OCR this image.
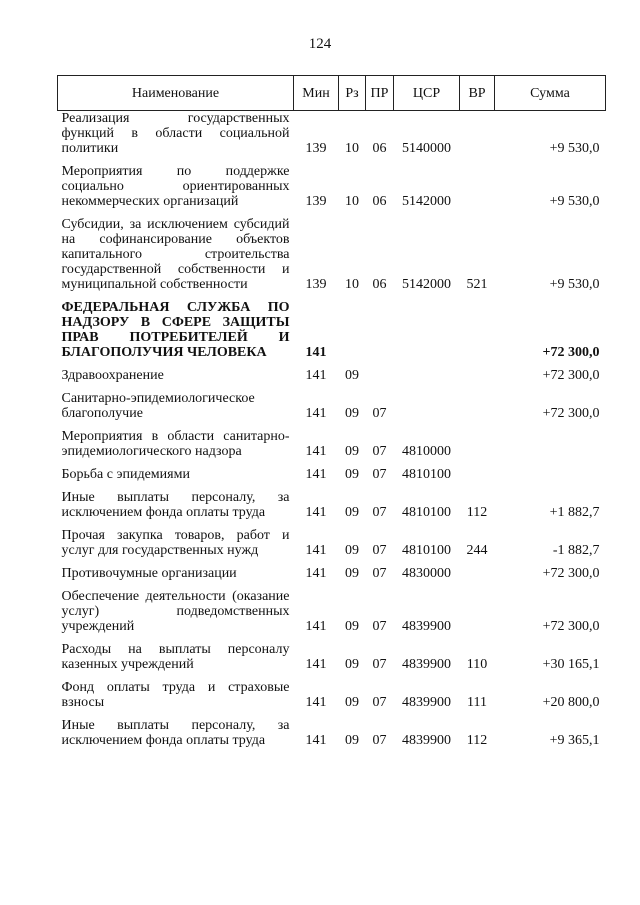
124
Наименование	Мин	Рз	ПР	ЦСР	ВР	Сумма
Реализация государственных функций в области социальной политики	139	10	06	5140000		+9 530,0
Мероприятия по поддержке социально ориентированных некоммерческих организаций	139	10	06	5142000		+9 530,0
Субсидии, за исключением субсидий на софинансирование объектов капитального строительства государственной собственности и муниципальной собственности	139	10	06	5142000	521	+9 530,0
ФЕДЕРАЛЬНАЯ СЛУЖБА ПО НАДЗОРУ В СФЕРЕ ЗАЩИТЫ ПРАВ ПОТРЕБИТЕЛЕЙ И БЛАГОПОЛУЧИЯ ЧЕЛОВЕКА	141					+72 300,0
Здравоохранение	141	09				+72 300,0
Санитарно-эпидемиологическое благополучие	141	09	07			+72 300,0
Мероприятия в области санитарно-эпидемиологического надзора	141	09	07	4810000		
Борьба с эпидемиями	141	09	07	4810100		
Иные выплаты персоналу, за исключением фонда оплаты труда	141	09	07	4810100	112	+1 882,7
Прочая закупка товаров, работ и услуг для государственных нужд	141	09	07	4810100	244	-1 882,7
Противочумные организации	141	09	07	4830000		+72 300,0
Обеспечение деятельности (оказание услуг) подведомственных учреждений	141	09	07	4839900		+72 300,0
Расходы на выплаты персоналу казенных учреждений	141	09	07	4839900	110	+30 165,1
Фонд оплаты труда и страховые взносы	141	09	07	4839900	111	+20 800,0
Иные выплаты персоналу, за исключением фонда оплаты труда	141	09	07	4839900	112	+9 365,1
